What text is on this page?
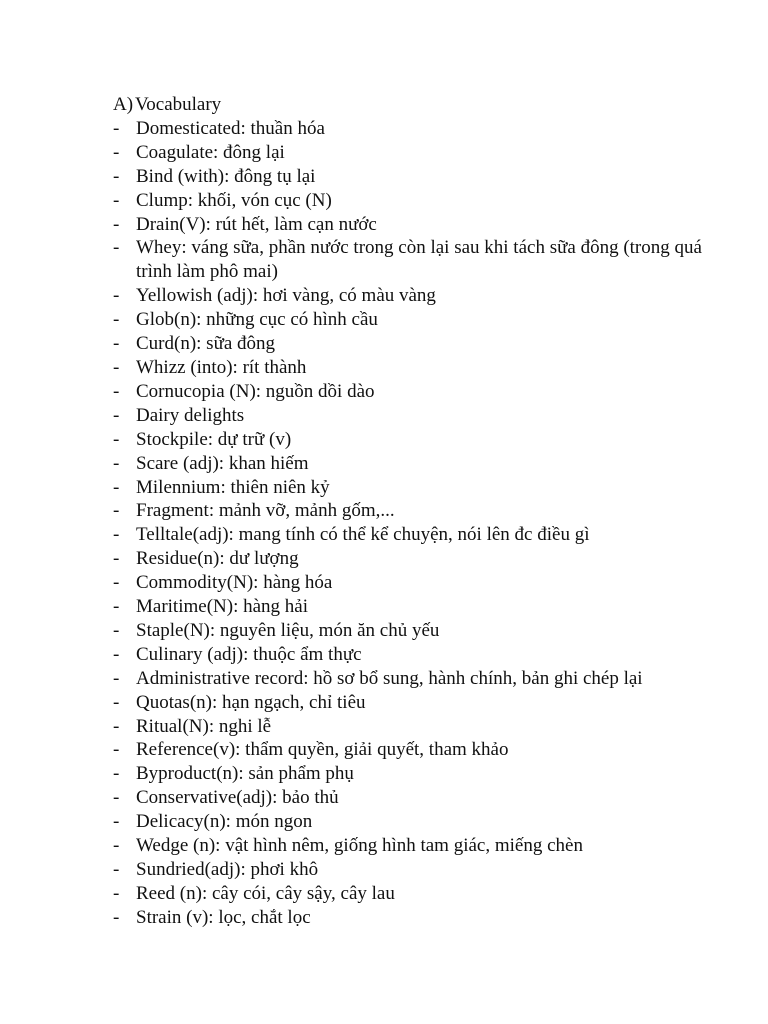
A) Vocabulary
- Domesticated: thuần hóa
- Coagulate: đông lại
- Bind (with): đông tụ lại
- Clump: khối, vón cục (N)
- Drain(V): rút hết, làm cạn nước
- Whey: váng sữa, phần nước trong còn lại sau khi tách sữa đông (trong quá trình làm phô mai)
- Yellowish (adj): hơi vàng, có màu vàng
- Glob(n): những cục có hình cầu
- Curd(n): sữa đông
- Whizz (into): rít thành
- Cornucopia (N): nguồn dồi dào
- Dairy delights
- Stockpile: dự trữ (v)
- Scare (adj): khan hiếm
- Milennium: thiên niên kỷ
- Fragment: mảnh vỡ, mảnh gốm,...
- Telltale(adj): mang tính có thể kể chuyện, nói lên đc điều gì
- Residue(n): dư lượng
- Commodity(N): hàng hóa
- Maritime(N): hàng hải
- Staple(N): nguyên liệu, món ăn chủ yếu
- Culinary (adj): thuộc ẩm thực
- Administrative record: hồ sơ bổ sung, hành chính, bản ghi chép lại
- Quotas(n): hạn ngạch, chỉ tiêu
- Ritual(N): nghi lễ
- Reference(v): thẩm quyền, giải quyết, tham khảo
- Byproduct(n): sản phẩm phụ
- Conservative(adj): bảo thủ
- Delicacy(n): món ngon
- Wedge (n): vật hình nêm, giống hình tam giác, miếng chèn
- Sundried(adj): phơi khô
- Reed (n): cây cói, cây sậy, cây lau
- Strain (v): lọc, chắt lọc
